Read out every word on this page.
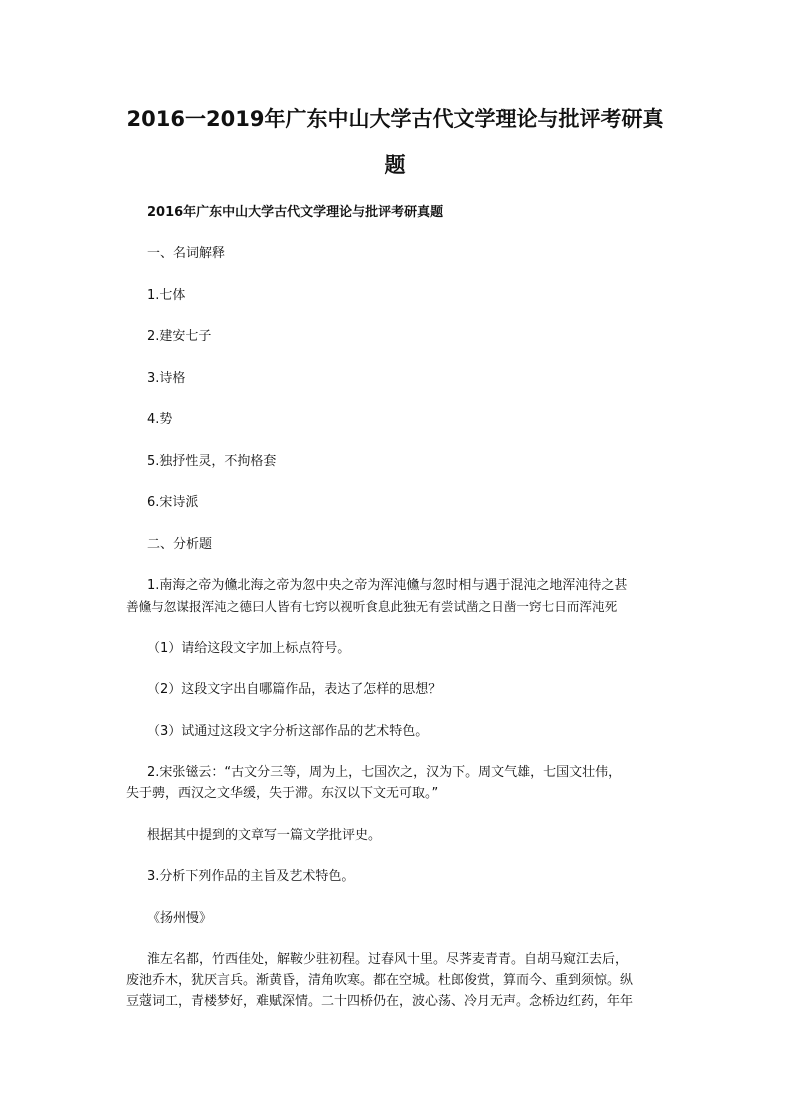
2016一2019年广东中山大学古代文学理论与批评考研真
题

2016年广东中山大学古代文学理论与批评考研真题

一、名词解释

1.七体

2.建安七子

3.诗格

4.势

5.独抒性灵，不拘格套

6.宋诗派

二、分析题

1.南海之帝为儵北海之帝为忽中央之帝为浑沌儵与忽时相与遇于混沌之地浑沌待之甚

善儵与忽谋报浑沌之德曰人皆有七窍以视听食息此独无有尝试凿之日凿一窍七日而浑沌死

（1）请给这段文字加上标点符号。

（2）这段文字出自哪篇作品，表达了怎样的思想？

（3）试通过这段文字分析这部作品的艺术特色。

2.宋张镃云：“古文分三等，周为上，七国次之，汉为下。周文气雄，七国文壮伟，

失于骋，西汉之文华缓，失于滞。东汉以下文无可取。”

根据其中提到的文章写一篇文学批评史。

3.分析下列作品的主旨及艺术特色。

《扬州慢》

淮左名都，竹西佳处，解鞍少驻初程。过春风十里。尽荠麦青青。自胡马窥江去后，

废池乔木，犹厌言兵。渐黄昏，清角吹寒。都在空城。杜郎俊赏，算而今、重到须惊。纵

豆蔻词工，青楼梦好，难赋深情。二十四桥仍在，波心荡、冷月无声。念桥边红药，年年
